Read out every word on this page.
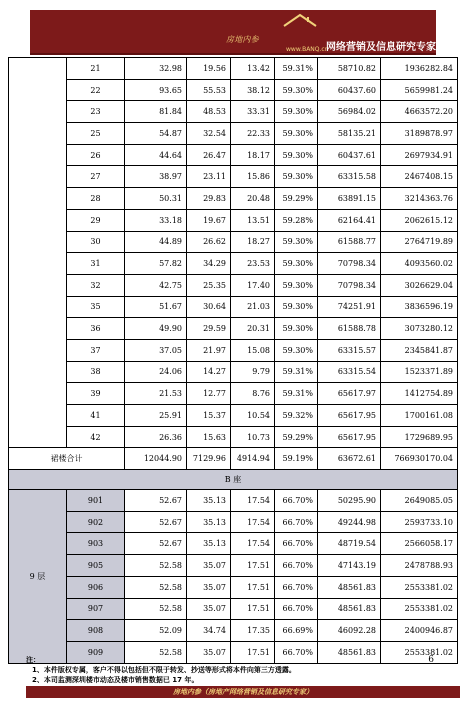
房地内参
www.BANQ.cn
网络营销及信息研究专家
	21	32.98	19.56	13.42	59.31%	58710.82	1936282.84
	22	93.65	55.53	38.12	59.30%	60437.60	5659981.24
	23	81.84	48.53	33.31	59.30%	56984.02	4663572.20
	25	54.87	32.54	22.33	59.30%	58135.21	3189878.97
	26	44.64	26.47	18.17	59.30%	60437.61	2697934.91
	27	38.97	23.11	15.86	59.30%	63315.58	2467408.15
	28	50.31	29.83	20.48	59.29%	63891.15	3214363.76
	29	33.18	19.67	13.51	59.28%	62164.41	2062615.12
	30	44.89	26.62	18.27	59.30%	61588.77	2764719.89
	31	57.82	34.29	23.53	59.30%	70798.34	4093560.02
	32	42.75	25.35	17.40	59.30%	70798.34	3026629.04
	35	51.67	30.64	21.03	59.30%	74251.91	3836596.19
	36	49.90	29.59	20.31	59.30%	61588.78	3073280.12
	37	37.05	21.97	15.08	59.30%	63315.57	2345841.87
	38	24.06	14.27	9.79	59.31%	63315.54	1523371.89
	39	21.53	12.77	8.76	59.31%	65617.97	1412754.89
	41	25.91	15.37	10.54	59.32%	65617.95	1700161.08
	42	26.36	15.63	10.73	59.29%	65617.95	1729689.95
裙楼合计		12044.90	7129.96	4914.94	59.19%	63672.61	766930170.04
B 座							
9 层	901	52.67	35.13	17.54	66.70%	50295.90	2649085.05
	902	52.67	35.13	17.54	66.70%	49244.98	2593733.10
	903	52.67	35.13	17.54	66.70%	48719.54	2566058.17
	905	52.58	35.07	17.51	66.70%	47143.19	2478788.93
	906	52.58	35.07	17.51	66.70%	48561.83	2553381.02
	907	52.58	35.07	17.51	66.70%	48561.83	2553381.02
	908	52.09	34.74	17.35	66.69%	46092.28	2400946.87
	909	52.58	35.07	17.51	66.70%	48561.83	2553381.02
注：
1、本件版权专属，客户不得以包括但不限于转发、抄送等形式将本件向第三方透露。
2、本司监测深圳楼市动态及楼市销售数据已 17 年。
6
房地内参（房地产网络营销及信息研究专家）
